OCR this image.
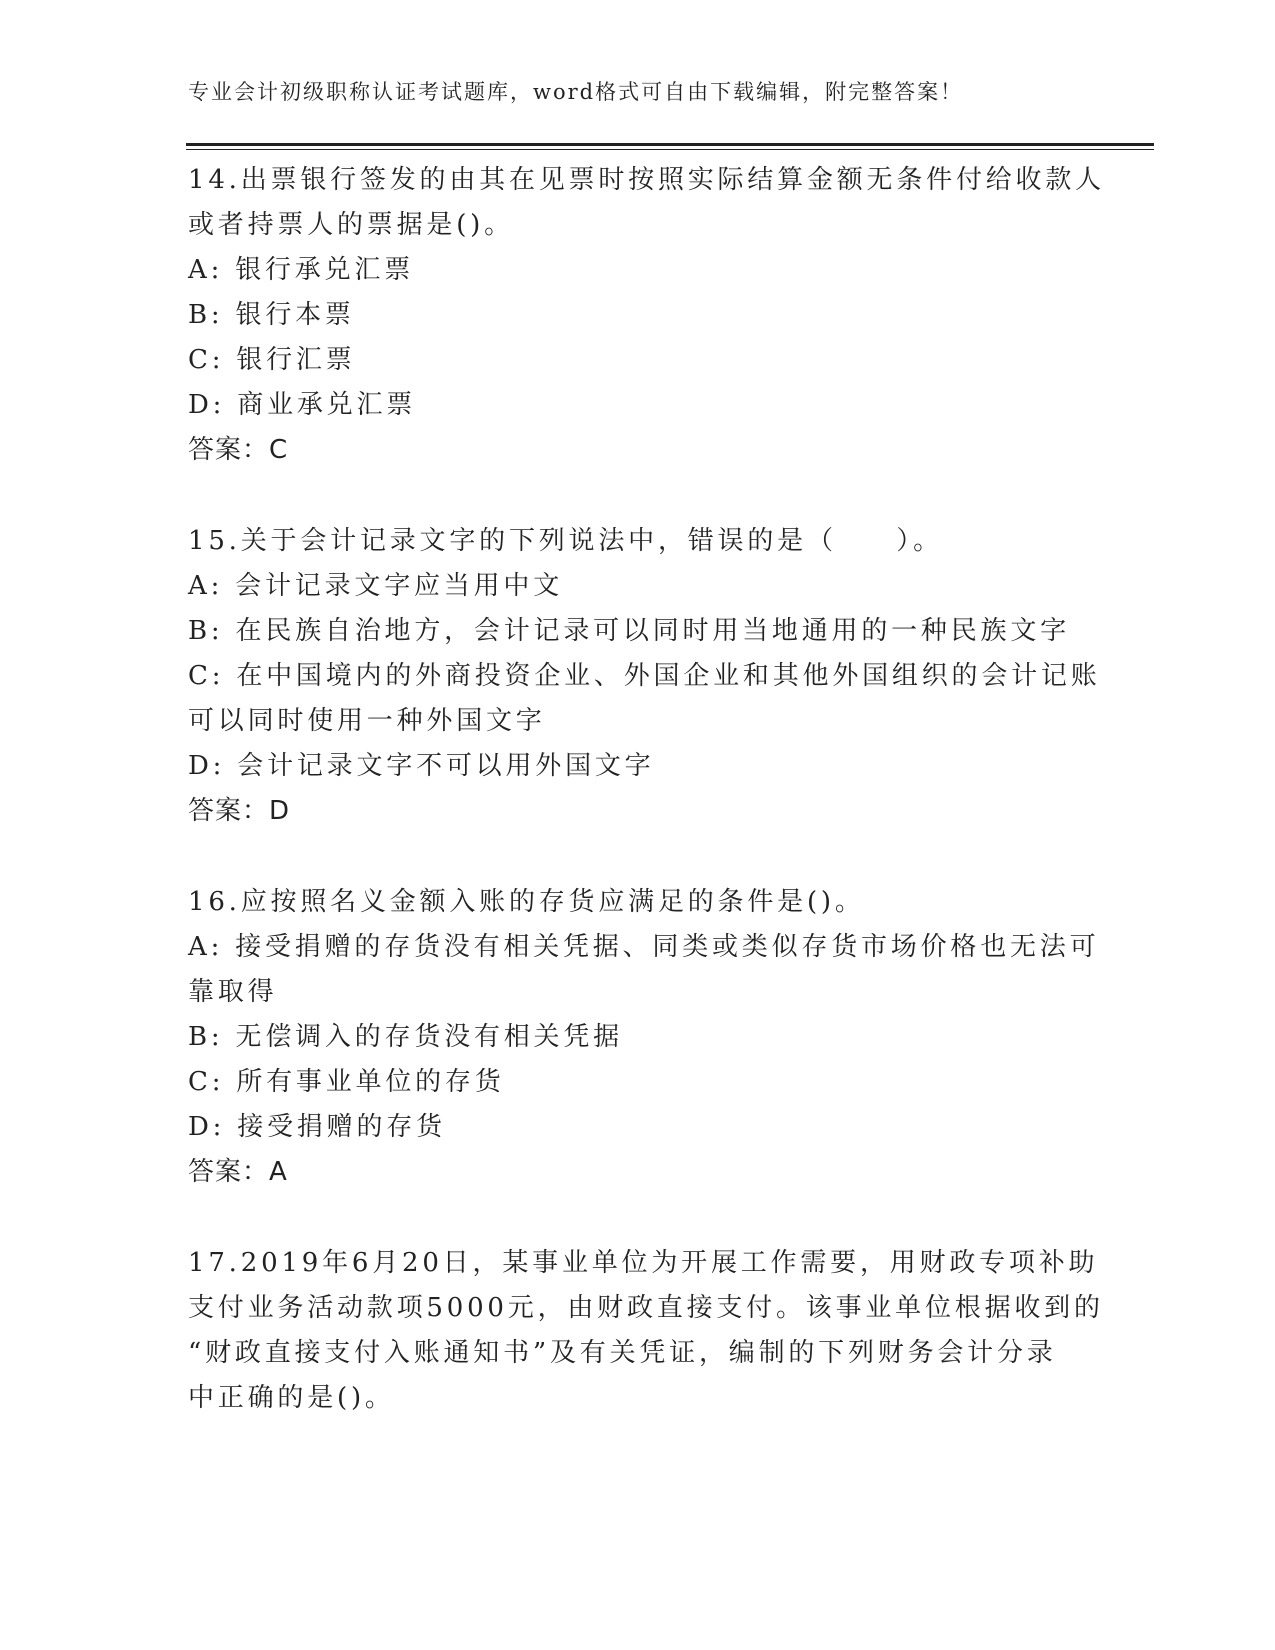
专业会计初级职称认证考试题库，word格式可自由下载编辑，附完整答案！
14.出票银行签发的由其在见票时按照实际结算金额无条件付给收款人
或者持票人的票据是()。
A: 银行承兑汇票
B: 银行本票
C: 银行汇票
D: 商业承兑汇票
答案：C
15.关于会计记录文字的下列说法中，错误的是（　　）。
A: 会计记录文字应当用中文
B: 在民族自治地方，会计记录可以同时用当地通用的一种民族文字
C: 在中国境内的外商投资企业、外国企业和其他外国组织的会计记账
可以同时使用一种外国文字
D: 会计记录文字不可以用外国文字
答案：D
16.应按照名义金额入账的存货应满足的条件是()。
A: 接受捐赠的存货没有相关凭据、同类或类似存货市场价格也无法可
靠取得
B: 无偿调入的存货没有相关凭据
C: 所有事业单位的存货
D: 接受捐赠的存货
答案：A
17.2019年6月20日，某事业单位为开展工作需要，用财政专项补助
支付业务活动款项5000元，由财政直接支付。该事业单位根据收到的
“财政直接支付入账通知书”及有关凭证，编制的下列财务会计分录
中正确的是()。
